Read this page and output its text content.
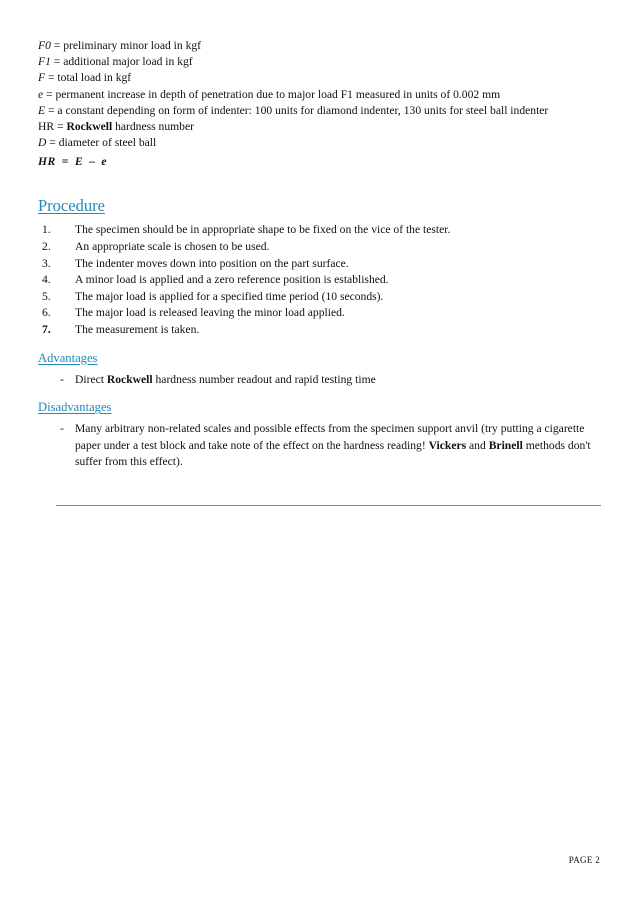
F0 = preliminary minor load in kgf
F1 = additional major load in kgf
F = total load in kgf
e = permanent increase in depth of penetration due to major load F1 measured in units of 0.002 mm
E = a constant depending on form of indenter: 100 units for diamond indenter, 130 units for steel ball indenter
HR = Rockwell hardness number
D = diameter of steel ball
HR = E – e
Procedure
1. The specimen should be in appropriate shape to be fixed on the vice of the tester.
2. An appropriate scale is chosen to be used.
3. The indenter moves down into position on the part surface.
4. A minor load is applied and a zero reference position is established.
5. The major load is applied for a specified time period (10 seconds).
6. The major load is released leaving the minor load applied.
7. The measurement is taken.
Advantages
- Direct Rockwell hardness number readout and rapid testing time
Disadvantages
- Many arbitrary non-related scales and possible effects from the specimen support anvil (try putting a cigarette paper under a test block and take note of the effect on the hardness reading! Vickers and Brinell methods don't suffer from this effect).
PAGE 2
